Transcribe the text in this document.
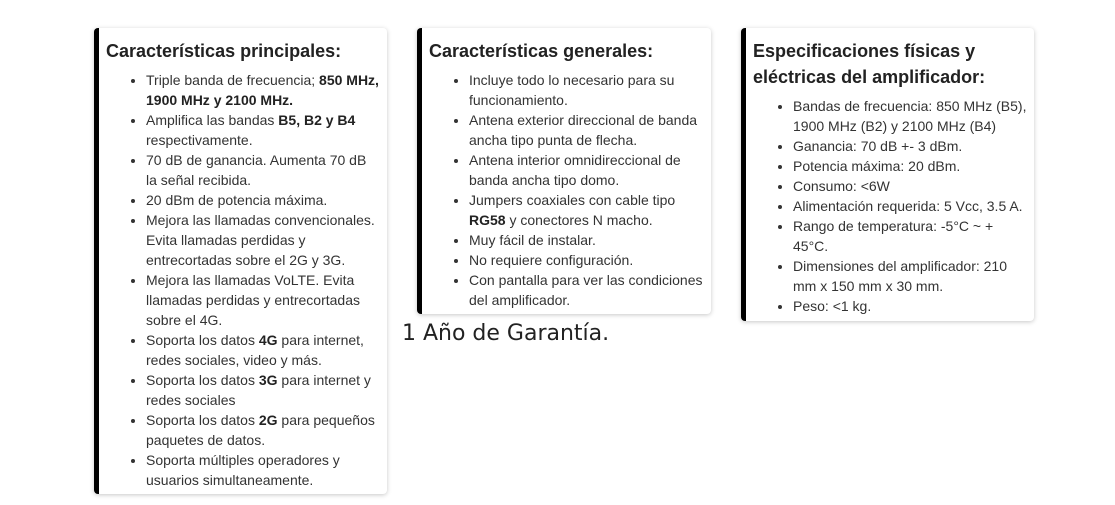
Características principales:
• Triple banda de frecuencia; 850 MHz, 1900 MHz y 2100 MHz.
• Amplifica las bandas B5, B2 y B4 respectivamente.
• 70 dB de ganancia. Aumenta 70 dB la señal recibida.
• 20 dBm de potencia máxima.
• Mejora las llamadas convencionales. Evita llamadas perdidas y entrecortadas sobre el 2G y 3G.
• Mejora las llamadas VoLTE. Evita llamadas perdidas y entrecortadas sobre el 4G.
• Soporta los datos 4G para internet, redes sociales, video y más.
• Soporta los datos 3G para internet y redes sociales
• Soporta los datos 2G para pequeños paquetes de datos.
• Soporta múltiples operadores y usuarios simultaneamente.
Características generales:
• Incluye todo lo necesario para su funcionamiento.
• Antena exterior direccional de banda ancha tipo punta de flecha.
• Antena interior omnidireccional de banda ancha tipo domo.
• Jumpers coaxiales con cable tipo RG58 y conectores N macho.
• Muy fácil de instalar.
• No requiere configuración.
• Con pantalla para ver las condiciones del amplificador.
Especificaciones físicas y eléctricas del amplificador:
• Bandas de frecuencia: 850 MHz (B5), 1900 MHz (B2) y 2100 MHz (B4)
• Ganancia: 70 dB +- 3 dBm.
• Potencia máxima: 20 dBm.
• Consumo: <6W
• Alimentación requerida: 5 Vcc, 3.5 A.
• Rango de temperatura: -5°C ~ + 45°C.
• Dimensiones del amplificador: 210 mm x 150 mm x 30 mm.
• Peso: <1 kg.
1 Año de Garantía.
